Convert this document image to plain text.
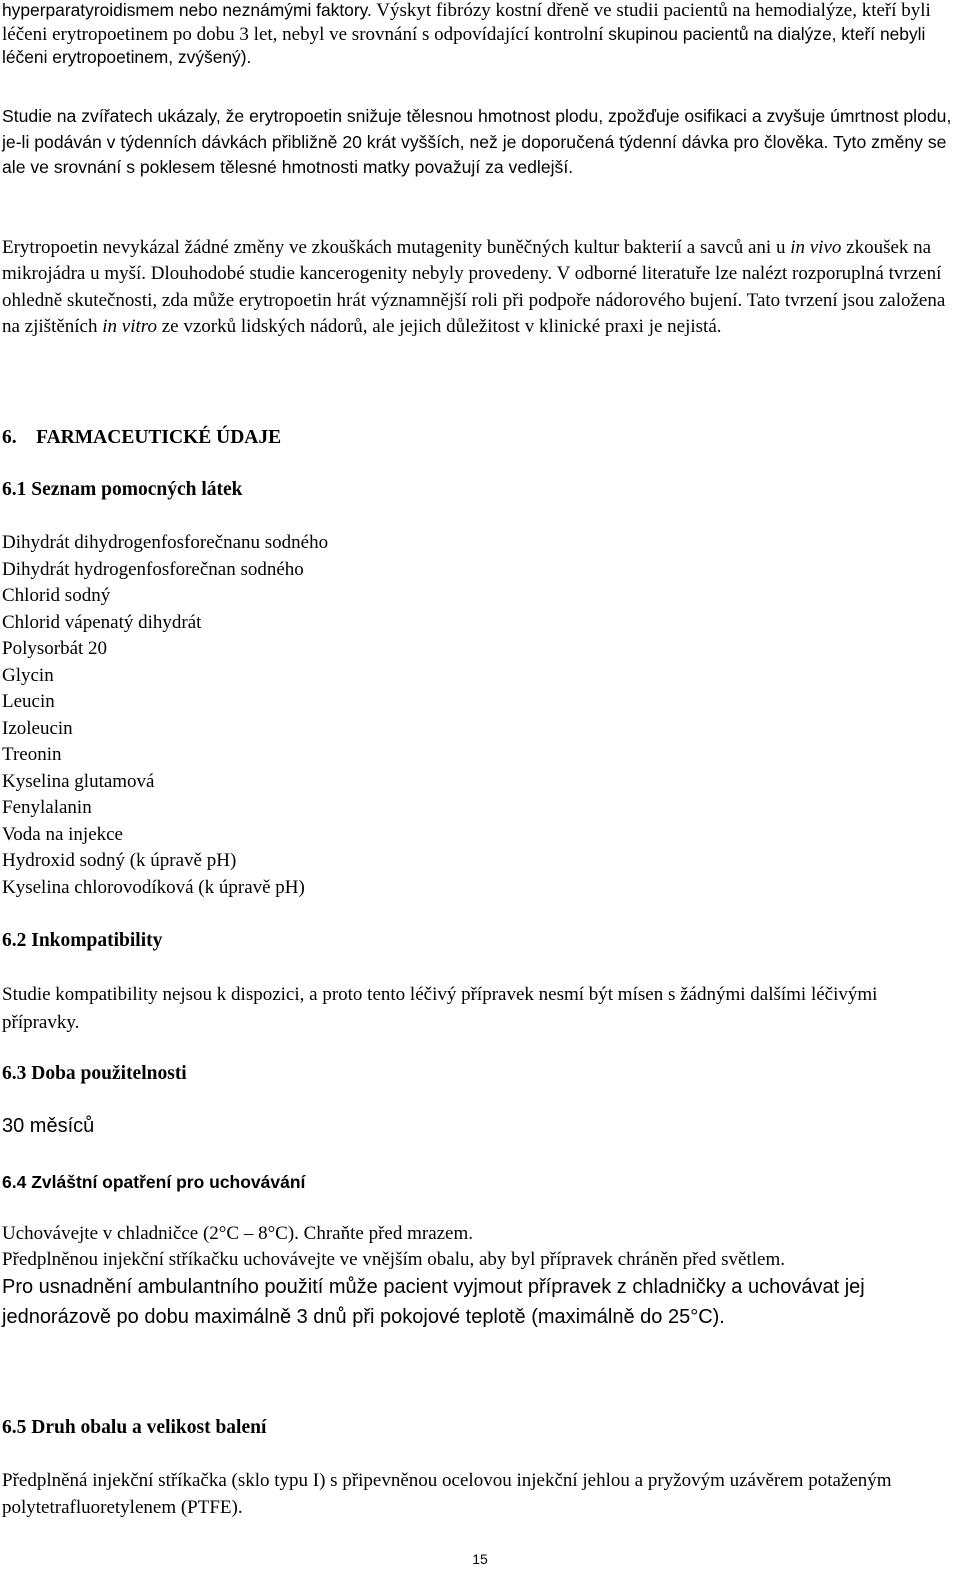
hyperparatyroidismem nebo neznámými faktory. Výskyt fibrózy kostní dřeně ve studii pacientů na hemodialýze, kteří byli léčeni erytropoetinem po dobu 3 let, nebyl ve srovnání s odpovídající kontrolní skupinou pacientů na dialýze, kteří nebyli léčeni erytropoetinem, zvýšený).

Studie na zvířatech ukázaly, že erytropoetin snižuje tělesnou hmotnost plodu, zpožďuje osifikaci a zvyšuje úmrtnost plodu, je-li podáván v týdenních dávkách přibližně 20 krát vyšších, než je doporučená týdenní dávka pro člověka. Tyto změny se ale ve srovnání s poklesem tělesné hmotnosti matky považují za vedlejší.

Erytropoetin nevykázal žádné změny ve zkouškách mutagenity buněčných kultur bakterií a savců ani u in vivo zkoušek na mikrojádra u myší. Dlouhodobé studie kancerogenity nebyly provedeny. V odborné literatuře lze nalézt rozporuplná tvrzení ohledně skutečnosti, zda může erytropoetin hrát významnější roli při podpoře nádorového bujení. Tato tvrzení jsou založena na zjištěních in vitro ze vzorků lidských nádorů, ale jejich důležitost v klinické praxi je nejistá.

6. FARMACEUTICKÉ ÚDAJE

6.1 Seznam pomocných látek

Dihydrát dihydrogenfosforečnanu sodného
Dihydrát hydrogenfosforečnan sodného
Chlorid sodný
Chlorid vápenatý dihydrát
Polysorbát 20
Glycin
Leucin
Izoleucin
Treonin
Kyselina glutamová
Fenylalanin
Voda na injekce
Hydroxid sodný (k úpravě pH)
Kyselina chlorovodíková (k úpravě pH)

6.2 Inkompatibility

Studie kompatibility nejsou k dispozici, a proto tento léčivý přípravek nesmí být mísen s žádnými dalšími léčivými přípravky.

6.3 Doba použitelnosti

30 měsíců

6.4 Zvláštní opatření pro uchovávání

Uchovávejte v chladničce (2°C – 8°C). Chraňte před mrazem.

Předplněnou injekční stříkačku uchovávejte ve vnějším obalu, aby byl přípravek chráněn před světlem.

Pro usnadnění ambulantního použití může pacient vyjmout přípravek z chladničky a uchovávat jej jednorázově po dobu maximálně 3 dnů při pokojové teplotě (maximálně do 25°C).

6.5 Druh obalu a velikost balení

Předplněná injekční stříkačka (sklo typu I) s připevněnou ocelovou injekční jehlou a pryžovým uzávěrem potaženým polytetrafluoretylenem (PTFE).

15
